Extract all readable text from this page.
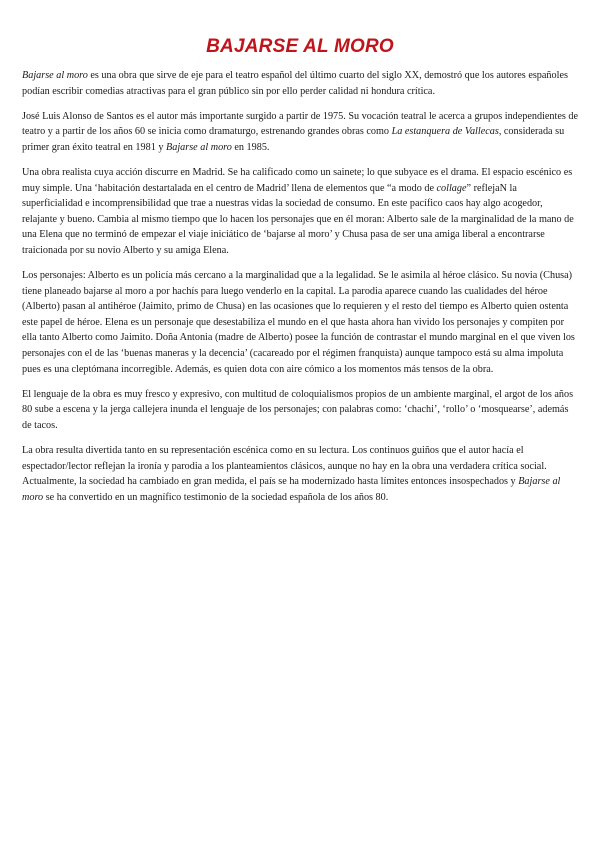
BAJARSE AL MORO

Bajarse al moro es una obra que sirve de eje para el teatro español del último cuarto del siglo XX, demostró que los autores españoles podían escribir comedias atractivas para el gran público sin por ello perder calidad ni hondura crítica.

José Luis Alonso de Santos es el autor más importante surgido a partir de 1975. Su vocación teatral le acerca a grupos independientes de teatro y a partir de los años 60 se inicia como dramaturgo, estrenando grandes obras como La estanquera de Vallecas, considerada su primer gran éxito teatral en 1981 y Bajarse al moro en 1985.

Una obra realista cuya acción discurre en Madrid. Se ha calificado como un sainete; lo que subyace es el drama. El espacio escénico es muy simple. Una ‘habitación destartalada en el centro de Madrid’ llena de elementos que “a modo de collage” reflejaN la superficialidad e incomprensibilidad que trae a nuestras vidas la sociedad de consumo. En este pacífico caos hay algo acogedor, relajante y bueno. Cambia al mismo tiempo que lo hacen los personajes que en él moran: Alberto sale de la marginalidad de la mano de una Elena que no terminó de empezar el viaje iniciático de ‘bajarse al moro’ y Chusa pasa de ser una amiga liberal a encontrarse traicionada por su novio Alberto y su amiga Elena.

Los personajes: Alberto es un policía más cercano a la marginalidad que a la legalidad. Se le asimila al héroe clásico. Su novia (Chusa) tiene planeado bajarse al moro a por hachís para luego venderlo en la capital. La parodia aparece cuando las cualidades del héroe (Alberto) pasan al antihéroe (Jaimito, primo de Chusa) en las ocasiones que lo requieren y el resto del tiempo es Alberto quien ostenta este papel de héroe. Elena es un personaje que desestabiliza el mundo en el que hasta ahora han vivido los personajes y compiten por ella tanto Alberto como Jaimito. Doña Antonia (madre de Alberto) posee la función de contrastar el mundo marginal en el que viven los personajes con el de las ‘buenas maneras y la decencia’ (cacareado por el régimen franquista) aunque tampoco está su alma impoluta pues es una cleptómana incorregible. Además, es quien dota con aire cómico a los momentos más tensos de la obra.

El lenguaje de la obra es muy fresco y expresivo, con multitud de coloquialismos propios de un ambiente marginal, el argot de los años 80 sube a escena y la jerga callejera inunda el lenguaje de los personajes; con palabras como: ‘chachi’, ‘rollo’ o ‘mosquearse’, además de tacos.

La obra resulta divertida tanto en su representación escénica como en su lectura. Los continuos guiños que el autor hacía el espectador/lector reflejan la ironía y parodia a los planteamientos clásicos, aunque no hay en la obra una verdadera crítica social. Actualmente, la sociedad ha cambiado en gran medida, el país se ha modernizado hasta límites entonces insospechados y Bajarse al moro se ha convertido en un magnífico testimonio de la sociedad española de los años 80.
